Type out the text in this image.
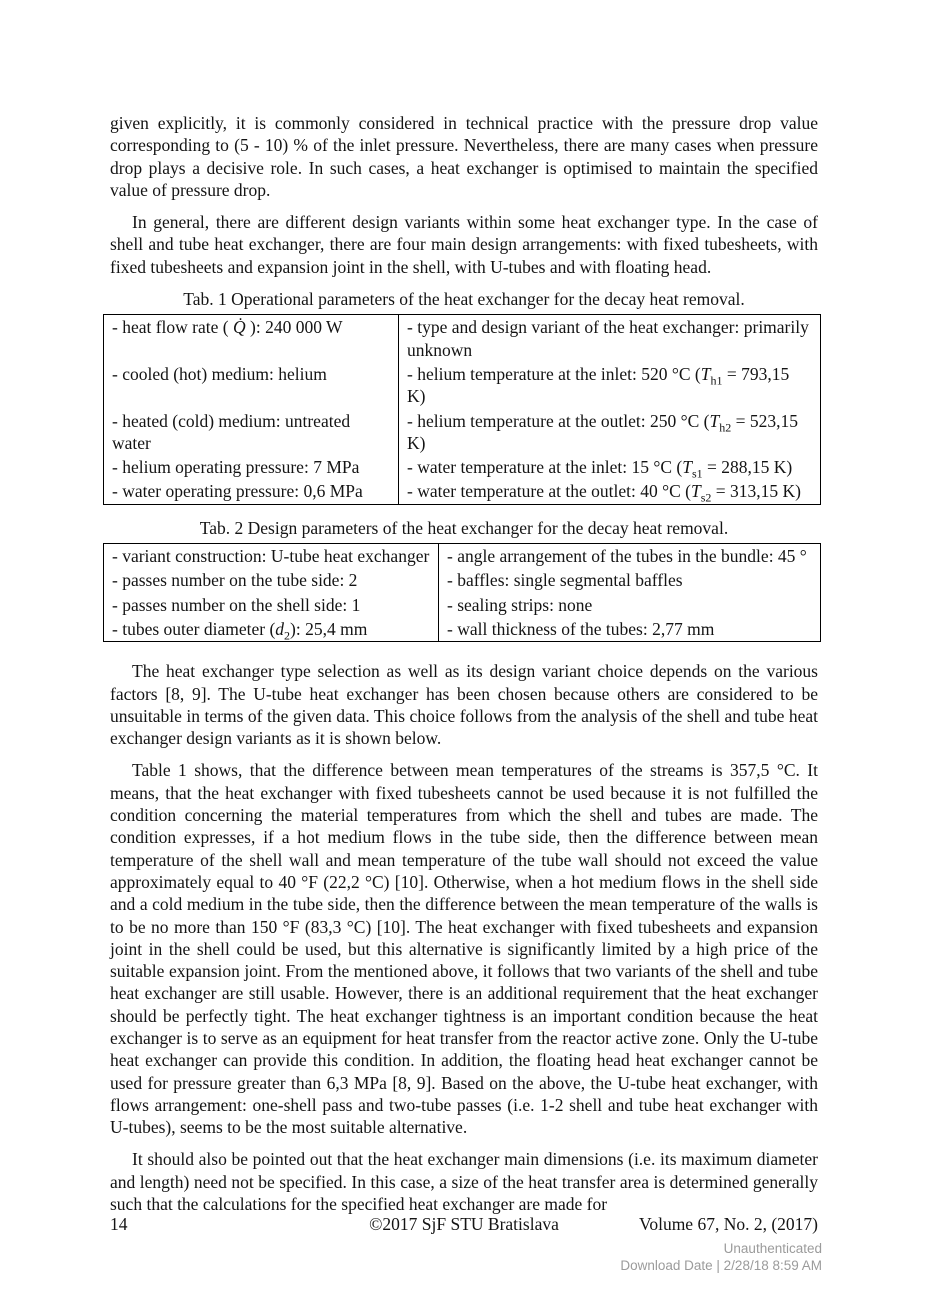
given explicitly, it is commonly considered in technical practice with the pressure drop value corresponding to (5 - 10) % of the inlet pressure. Nevertheless, there are many cases when pressure drop plays a decisive role. In such cases, a heat exchanger is optimised to maintain the specified value of pressure drop.

In general, there are different design variants within some heat exchanger type. In the case of shell and tube heat exchanger, there are four main design arrangements: with fixed tubesheets, with fixed tubesheets and expansion joint in the shell, with U-tubes and with floating head.

Tab. 1 Operational parameters of the heat exchanger for the decay heat removal.

- heat flow rate ( Q̇ ): 240 000 W	- type and design variant of the heat exchanger: primarily unknown
- cooled (hot) medium: helium	- helium temperature at the inlet: 520 °C ($T_{h1} = 793,15$ K)
- heated (cold) medium: untreated water	- helium temperature at the outlet: 250 °C ($T_{h2} = 523,15$ K)
- helium operating pressure: 7 MPa	- water temperature at the inlet: 15 °C ($T_{s1} = 288,15$ K)
- water operating pressure: 0,6 MPa	- water temperature at the outlet: 40 °C ($T_{s2} = 313,15$ K)

Tab. 2 Design parameters of the heat exchanger for the decay heat removal.

- variant construction: U-tube heat exchanger	- angle arrangement of the tubes in the bundle: 45 °
- passes number on the tube side: 2	- baffles: single segmental baffles
- passes number on the shell side: 1	- sealing strips: none
- tubes outer diameter $(d_2)$: 25,4 mm	- wall thickness of the tubes: 2,77 mm

The heat exchanger type selection as well as its design variant choice depends on the various factors [8, 9]. The U-tube heat exchanger has been chosen because others are considered to be unsuitable in terms of the given data. This choice follows from the analysis of the shell and tube heat exchanger design variants as it is shown below.

Table 1 shows, that the difference between mean temperatures of the streams is 357,5 °C. It means, that the heat exchanger with fixed tubesheets cannot be used because it is not fulfilled the condition concerning the material temperatures from which the shell and tubes are made. The condition expresses, if a hot medium flows in the tube side, then the difference between mean temperature of the shell wall and mean temperature of the tube wall should not exceed the value approximately equal to 40 °F (22,2 °C) [10]. Otherwise, when a hot medium flows in the shell side and a cold medium in the tube side, then the difference between the mean temperature of the walls is to be no more than 150 °F (83,3 °C) [10]. The heat exchanger with fixed tubesheets and expansion joint in the shell could be used, but this alternative is significantly limited by a high price of the suitable expansion joint. From the mentioned above, it follows that two variants of the shell and tube heat exchanger are still usable. However, there is an additional requirement that the heat exchanger should be perfectly tight. The heat exchanger tightness is an important condition because the heat exchanger is to serve as an equipment for heat transfer from the reactor active zone. Only the U-tube heat exchanger can provide this condition. In addition, the floating head heat exchanger cannot be used for pressure greater than 6,3 MPa [8, 9]. Based on the above, the U-tube heat exchanger, with flows arrangement: one-shell pass and two-tube passes (i.e. 1-2 shell and tube heat exchanger with U-tubes), seems to be the most suitable alternative.

It should also be pointed out that the heat exchanger main dimensions (i.e. its maximum diameter and length) need not be specified. In this case, a size of the heat transfer area is determined generally such that the calculations for the specified heat exchanger are made for

14	©2017 SjF STU Bratislava	Volume 67, No. 2, (2017)
Unauthenticated
Download Date | 2/28/18 8:59 AM
